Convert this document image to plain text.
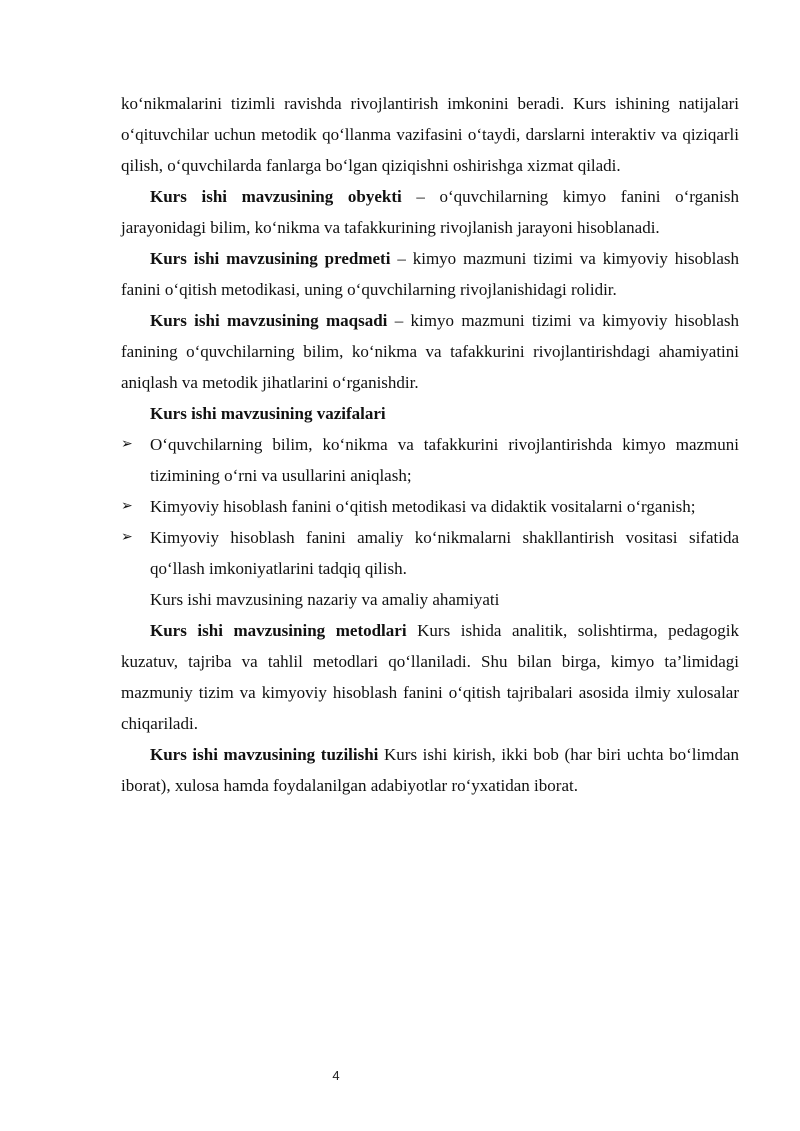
ko‘nikmalarini tizimli ravishda rivojlantirish imkonini beradi. Kurs ishining natijalari o‘qituvchilar uchun metodik qo‘llanma vazifasini o‘taydi, darslarni interaktiv va qiziqarli qilish, o‘quvchilarda fanlarga bo‘lgan qiziqishni oshirishga xizmat qiladi.

Kurs ishi mavzusining obyekti – o‘quvchilarning kimyo fanini o‘rganish jarayonidagi bilim, ko‘nikma va tafakkurining rivojlanish jarayoni hisoblanadi.

Kurs ishi mavzusining predmeti – kimyo mazmuni tizimi va kimyoviy hisoblash fanini o‘qitish metodikasi, uning o‘quvchilarning rivojlanishidagi rolidir.

Kurs ishi mavzusining maqsadi – kimyo mazmuni tizimi va kimyoviy hisoblash fanining o‘quvchilarning bilim, ko‘nikma va tafakkurini rivojlantirishdagi ahamiyatini aniqlash va metodik jihatlarini o‘rganishdir.

Kurs ishi mavzusining vazifalari

➢	O‘quvchilarning bilim, ko‘nikma va tafakkurini rivojlantirishda kimyo mazmuni tizimining o‘rni va usullarini aniqlash;
➢	Kimyoviy hisoblash fanini o‘qitish metodikasi va didaktik vositalarni o‘rganish;
➢	Kimyoviy hisoblash fanini amaliy ko‘nikmalarni shakllantirish vositasi sifatida qo‘llash imkoniyatlarini tadqiq qilish.

Kurs ishi mavzusining nazariy va amaliy ahamiyati

Kurs ishi mavzusining metodlari Kurs ishida analitik, solishtirma, pedagogik kuzatuv, tajriba va tahlil metodlari qo‘llaniladi. Shu bilan birga, kimyo ta’limidagi mazmuniy tizim va kimyoviy hisoblash fanini o‘qitish tajribalari asosida ilmiy xulosalar chiqariladi.

Kurs ishi mavzusining tuzilishi Kurs ishi kirish, ikki bob (har biri uchta bo‘limdan iborat), xulosa hamda foydalanilgan adabiyotlar ro‘yxatidan iborat.

4
